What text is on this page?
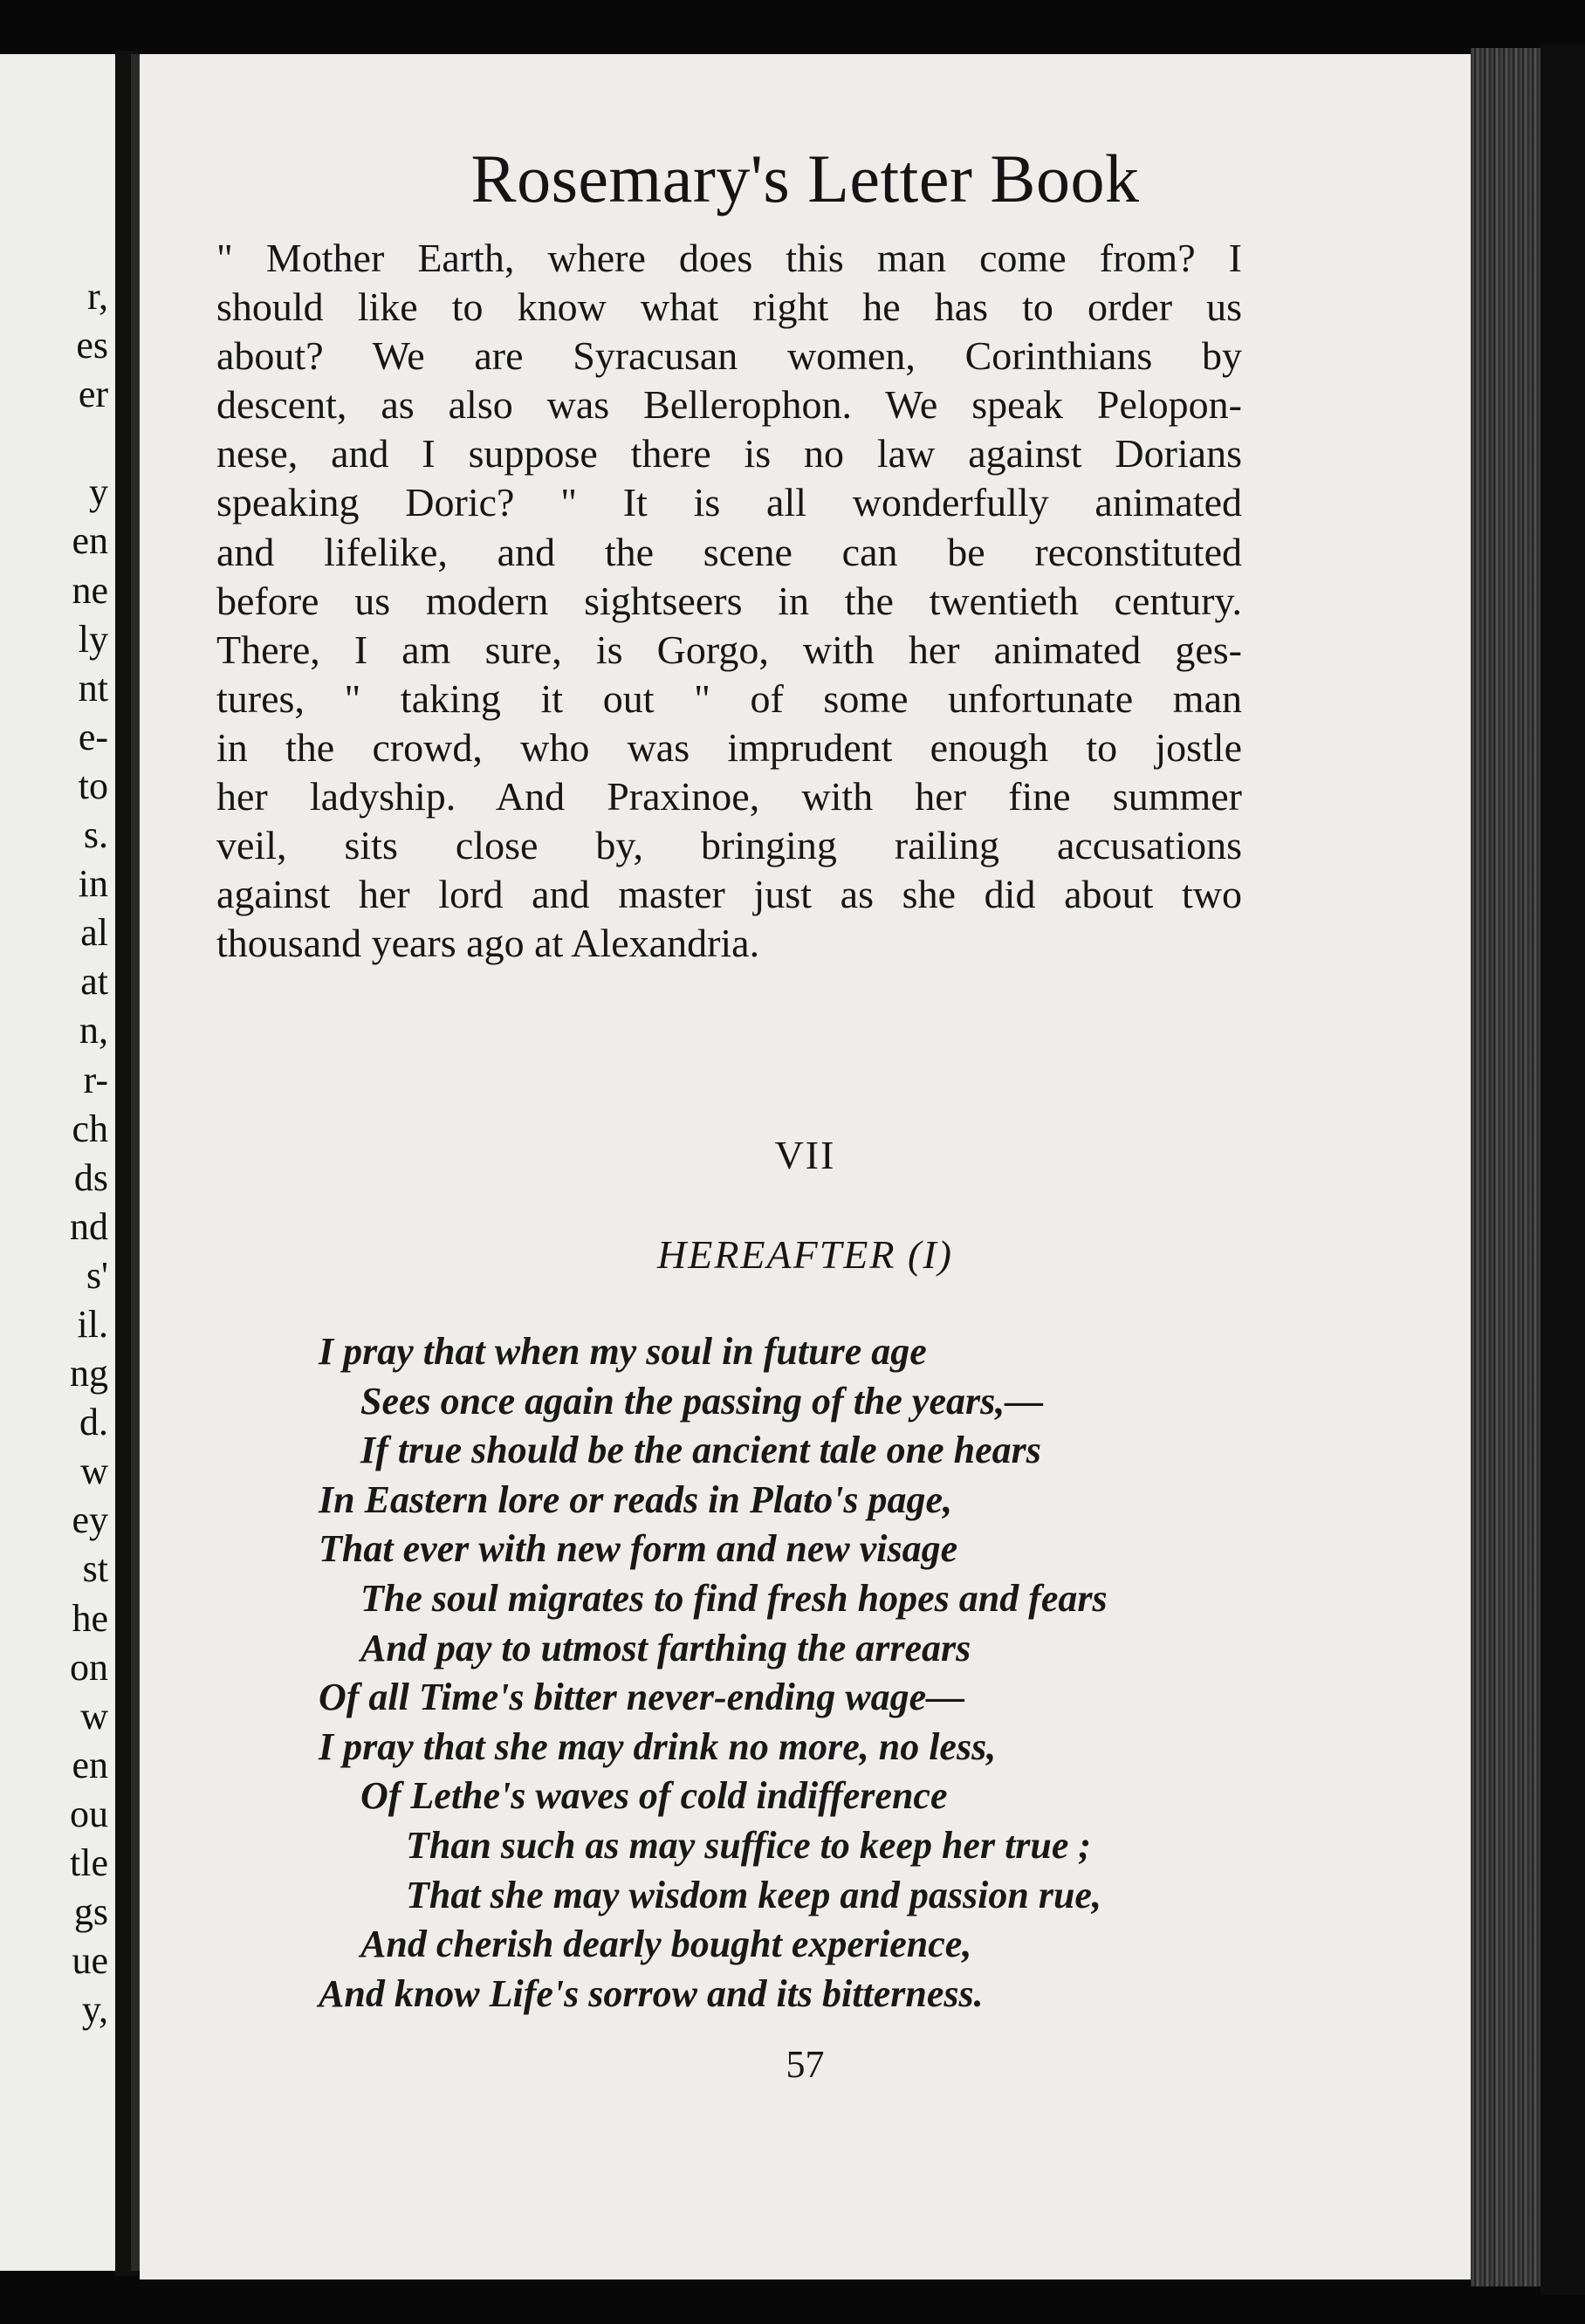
r,
es
er
y
en
ne
ly
nt
e-
to
s.
in
al
at
n,
r-
ch
ds
nd
s'
il.
ng
d.
w
ey
st
he
on
w
en
ou
tle
gs
ue
y,
Rosemary's Letter Book
" Mother Earth, where does this man come from? I
should like to know what right he has to order us
about? We are Syracusan women, Corinthians by
descent, as also was Bellerophon. We speak Pelopon-
nese, and I suppose there is no law against Dorians
speaking Doric? " It is all wonderfully animated
and lifelike, and the scene can be reconstituted
before us modern sightseers in the twentieth century.
There, I am sure, is Gorgo, with her animated ges-
tures, " taking it out " of some unfortunate man
in the crowd, who was imprudent enough to jostle
her ladyship. And Praxinoe, with her fine summer
veil, sits close by, bringing railing accusations
against her lord and master just as she did about two
thousand years ago at Alexandria.
VII
HEREAFTER (I)
I pray that when my soul in future age
Sees once again the passing of the years,—
If true should be the ancient tale one hears
In Eastern lore or reads in Plato's page,
That ever with new form and new visage
The soul migrates to find fresh hopes and fears
And pay to utmost farthing the arrears
Of all Time's bitter never-ending wage—
I pray that she may drink no more, no less,
Of Lethe's waves of cold indifference
Than such as may suffice to keep her true ;
That she may wisdom keep and passion rue,
And cherish dearly bought experience,
And know Life's sorrow and its bitterness.
57
